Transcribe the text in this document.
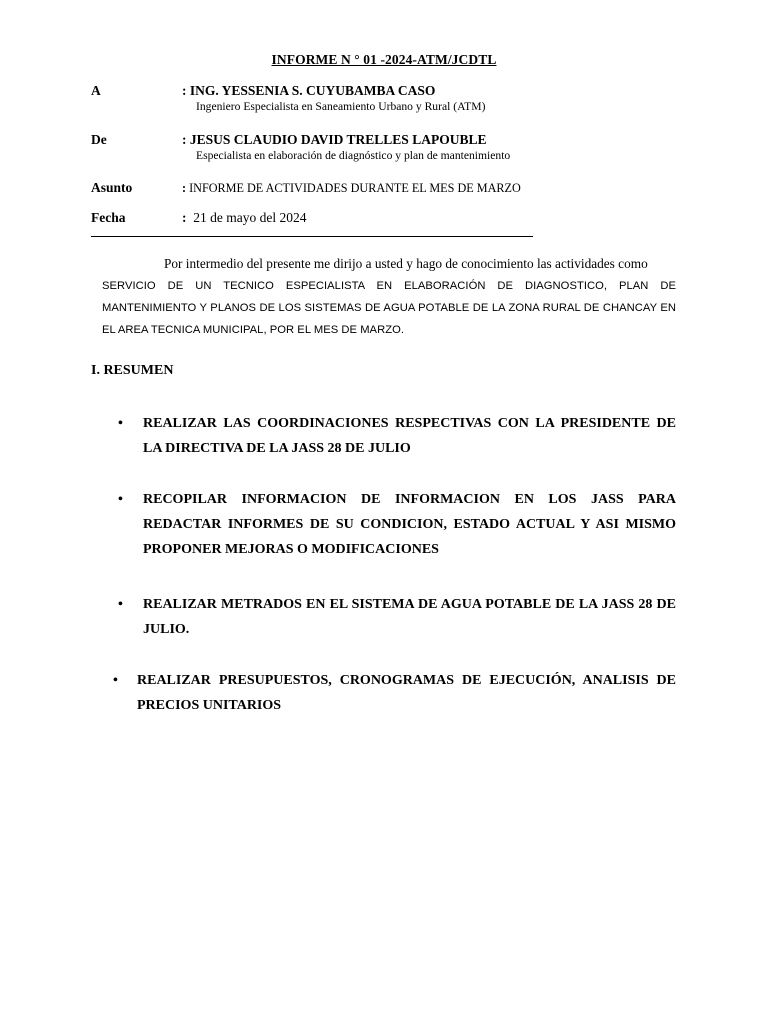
INFORME N ° 01 -2024-ATM/JCDTL
A	: ING. YESSENIA S. CUYUBAMBA CASO
Ingeniero Especialista en Saneamiento Urbano y Rural (ATM)
De	: JESUS CLAUDIO DAVID TRELLES LAPOUBLE
Especialista en elaboración de diagnóstico y plan de mantenimiento
Asunto	: INFORME DE ACTIVIDADES DURANTE EL MES DE MARZO
Fecha	: 21 de mayo del 2024
Por intermedio del presente me dirijo a usted y hago de conocimiento las actividades como
SERVICIO DE UN TECNICO ESPECIALISTA EN ELABORACIÓN DE DIAGNOSTICO, PLAN DE MANTENIMIENTO Y PLANOS DE LOS SISTEMAS DE AGUA POTABLE DE LA ZONA RURAL DE CHANCAY EN EL AREA TECNICA MUNICIPAL, POR EL MES DE MARZO.
I. RESUMEN
• REALIZAR LAS COORDINACIONES RESPECTIVAS CON LA PRESIDENTE DE LA DIRECTIVA DE LA JASS 28 DE JULIO
• RECOPILAR INFORMACION DE INFORMACION EN LOS JASS PARA REDACTAR INFORMES DE SU CONDICION, ESTADO ACTUAL Y ASI MISMO PROPONER MEJORAS O MODIFICACIONES
• REALIZAR METRADOS EN EL SISTEMA DE AGUA POTABLE DE LA JASS 28 DE JULIO.
• REALIZAR PRESUPUESTOS, CRONOGRAMAS DE EJECUCIÓN, ANALISIS DE PRECIOS UNITARIOS
